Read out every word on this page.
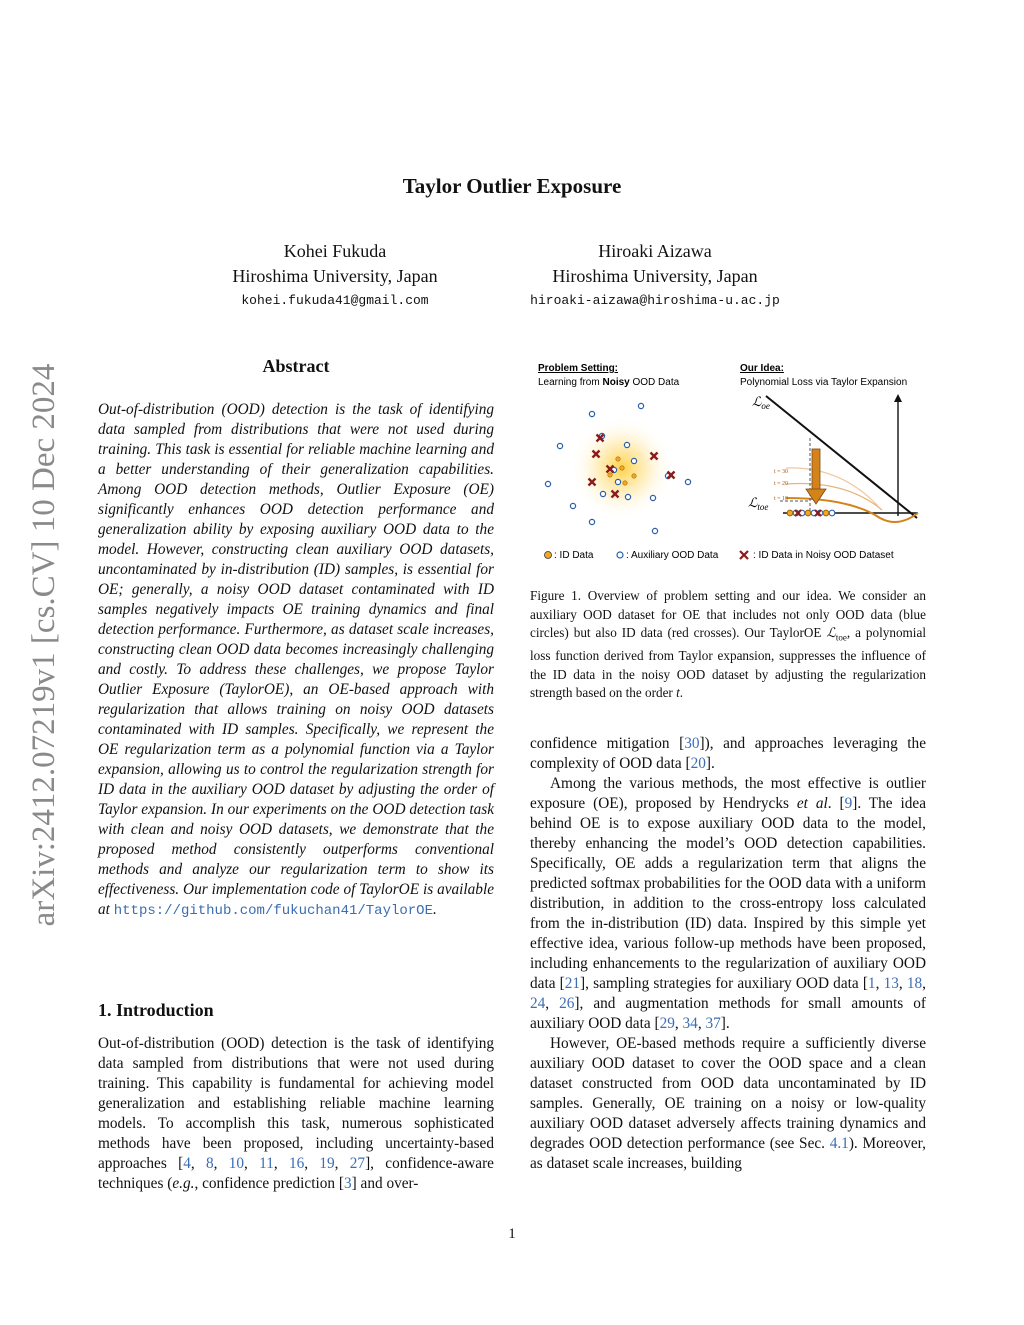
Taylor Outlier Exposure
Kohei Fukuda
Hiroshima University, Japan
kohei.fukuda41@gmail.com
Hiroaki Aizawa
Hiroshima University, Japan
hiroaki-aizawa@hiroshima-u.ac.jp
arXiv:2412.07219v1 [cs.CV] 10 Dec 2024	Abstract
Out-of-distribution (OOD) detection is the task of identifying data sampled from distributions that were not used during training. This task is essential for reliable machine learning and a better understanding of their generalization capabilities. Among OOD detection methods, Outlier Exposure (OE) significantly enhances OOD detection performance and generalization ability by exposing auxiliary OOD data to the model. However, constructing clean auxiliary OOD datasets, uncontaminated by in-distribution (ID) samples, is essential for OE; generally, a noisy OOD dataset contaminated with ID samples negatively impacts OE training dynamics and final detection performance. Furthermore, as dataset scale increases, constructing clean OOD data becomes increasingly challenging and costly. To address these challenges, we propose Taylor Outlier Exposure (TaylorOE), an OE-based approach with regularization that allows training on noisy OOD datasets contaminated with ID samples. Specifically, we represent the OE regularization term as a polynomial function via a Taylor expansion, allowing us to control the regularization strength for ID data in the auxiliary OOD dataset by adjusting the order of Taylor expansion. In our experiments on the OOD detection task with clean and noisy OOD datasets, we demonstrate that the proposed method consistently outperforms conventional methods and analyze our regularization term to show its effectiveness. Our implementation code of TaylorOE is available at https://github.com/fukuchan41/TaylorOE.
1. Introduction
Out-of-distribution (OOD) detection is the task of identifying data sampled from distributions that were not used during training. This capability is fundamental for achieving model generalization and establishing reliable machine learning models. To accomplish this task, numerous sophisticated methods have been proposed, including uncertainty-based approaches [4, 8, 10, 11, 16, 19, 27], confidence-aware techniques (e.g., confidence prediction [3] and over-
Problem Setting:
Learning from Noisy OOD Data
Our Idea:
Polynomial Loss via Taylor Expansion
ℒ$_{oe}$
ℒ$_{toe}$
t = 30
t = 20
t = 10
: ID Data	: Auxiliary OOD Data	: ID Data in Noisy OOD Dataset
Figure 1. Overview of problem setting and our idea. We consider an auxiliary OOD dataset for OE that includes not only OOD data (blue circles) but also ID data (red crosses). Our TaylorOE ℒ$_{toe}$, a polynomial loss function derived from Taylor expansion, suppresses the influence of the ID data in the noisy OOD dataset by adjusting the regularization strength based on the order t.
confidence mitigation [30]), and approaches leveraging the complexity of OOD data [20].
Among the various methods, the most effective is outlier exposure (OE), proposed by Hendrycks et al. [9]. The idea behind OE is to expose auxiliary OOD data to the model, thereby enhancing the model’s OOD detection capabilities. Specifically, OE adds a regularization term that aligns the predicted softmax probabilities for the OOD data with a uniform distribution, in addition to the cross-entropy loss calculated from the in-distribution (ID) data. Inspired by this simple yet effective idea, various follow-up methods have been proposed, including enhancements to the regularization of auxiliary OOD data [21], sampling strategies for auxiliary OOD data [1, 13, 18, 24, 26], and augmentation methods for small amounts of auxiliary OOD data [29, 34, 37].
However, OE-based methods require a sufficiently diverse auxiliary OOD dataset to cover the OOD space and a clean dataset constructed from OOD data uncontaminated by ID samples. Generally, OE training on a noisy or low-quality auxiliary OOD dataset adversely affects training dynamics and degrades OOD detection performance (see Sec. 4.1). Moreover, as dataset scale increases, building
1
